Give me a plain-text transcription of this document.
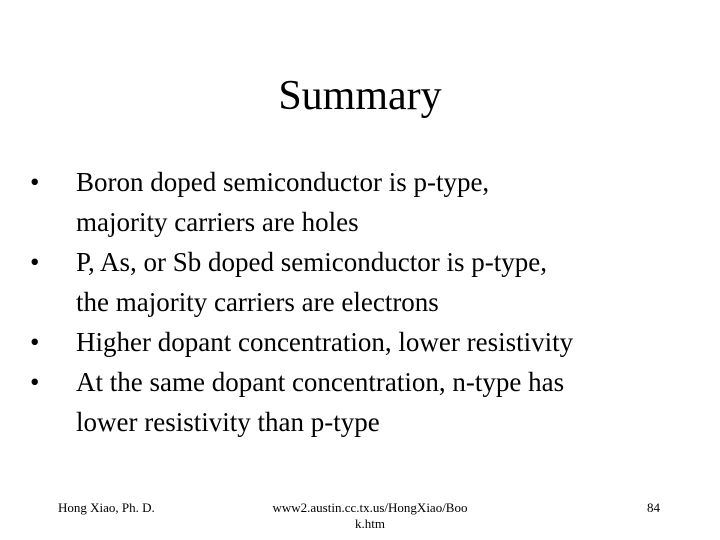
Summary
•	Boron doped semiconductor is p-type,
majority carriers are holes
•	P, As, or Sb doped semiconductor is p-type,
the majority carriers are electrons
•	Higher dopant concentration, lower resistivity
•	At the same dopant concentration, n-type has
lower resistivity than p-type
Hong Xiao, Ph. D.	www2.austin.cc.tx.us/HongXiao/Boo
k.htm
84
